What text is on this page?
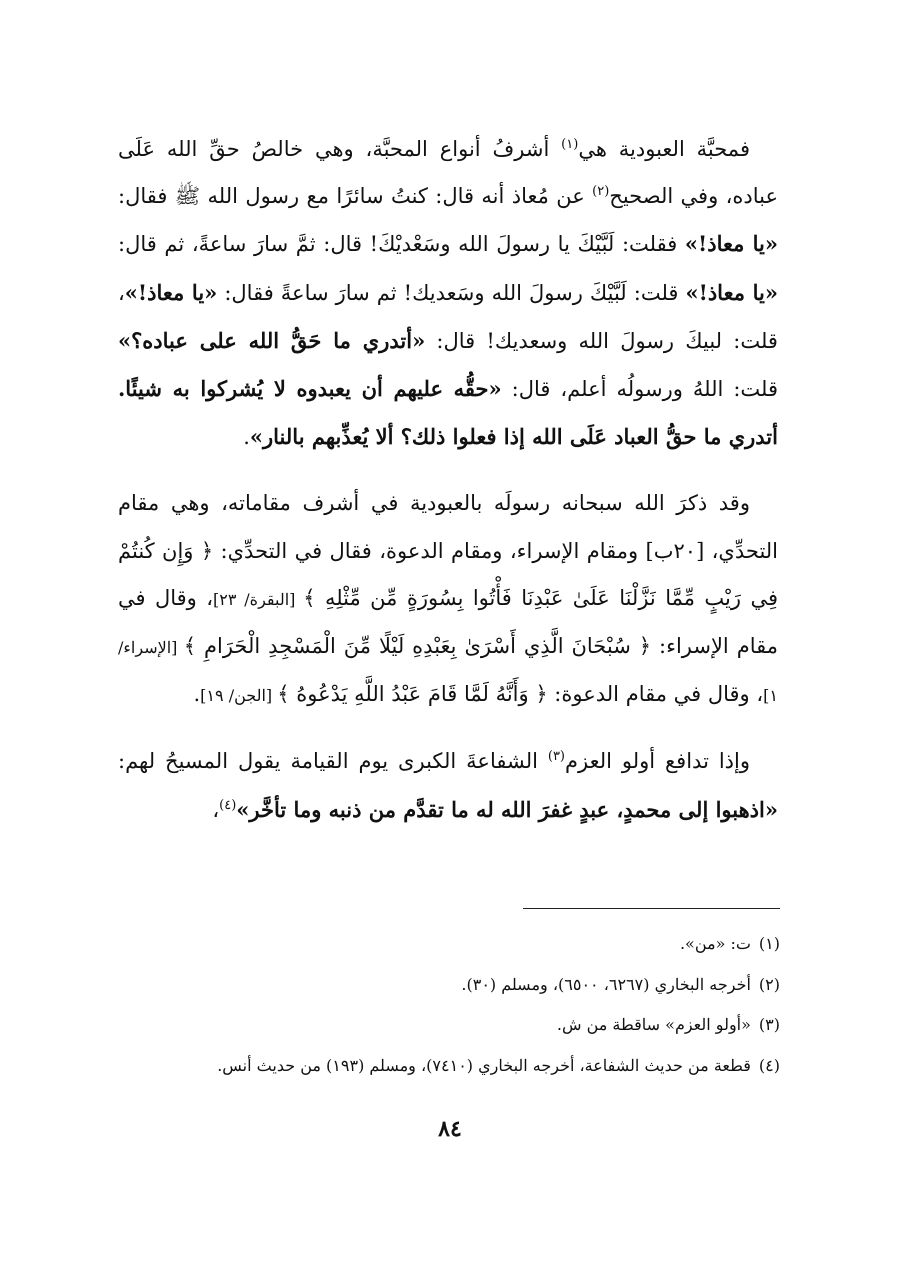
فمحبَّة العبودية هي$^{(١)}$ أشرفُ أنواع المحبَّة، وهي خالصُ حقِّ الله عَلَى عباده، وفي الصحيح$^{(٢)}$ عن مُعاذ أنه قال: كنتُ سائرًا مع رسول الله ﷺ فقال: «يا معاذ!» فقلت: لَبَّيْكَ يا رسولَ الله وسَعْديْكَ! قال: ثمَّ سارَ ساعةً، ثم قال: «يا معاذ!» قلت: لَبَّيْكَ رسولَ الله وسَعديك! ثم سارَ ساعةً فقال: «يا معاذ!»، قلت: لبيكَ رسولَ الله وسعديك! قال: «أتدري ما حَقُّ الله على عباده؟» قلت: اللهُ ورسولُه أعلم، قال: «حقُّه عليهم أن يعبدوه لا يُشركوا به شيئًا. أتدري ما حقُّ العباد عَلَى الله إذا فعلوا ذلك؟ ألا يُعذِّبهم بالنار».

وقد ذكرَ الله سبحانه رسولَه بالعبودية في أشرف مقاماته، وهي مقام التحدِّي، [٢٠ب] ومقام الإسراء، ومقام الدعوة، فقال في التحدِّي: ﴿ وَإِن كُنتُمْ فِي رَيْبٍ مِّمَّا نَزَّلْنَا عَلَىٰ عَبْدِنَا فَأْتُوا بِسُورَةٍ مِّن مِّثْلِهِ ﴾ [البقرة/ ٢٣]، وقال في مقام الإسراء: ﴿ سُبْحَانَ الَّذِي أَسْرَىٰ بِعَبْدِهِ لَيْلًا مِّنَ الْمَسْجِدِ الْحَرَامِ ﴾ [الإسراء/ ١]، وقال في مقام الدعوة: ﴿ وَأَنَّهُ لَمَّا قَامَ عَبْدُ اللَّهِ يَدْعُوهُ ﴾ [الجن/ ١٩].

وإذا تدافع أولو العزم$^{(٣)}$ الشفاعةَ الكبرى يوم القيامة يقول المسيحُ لهم: «اذهبوا إلى محمدٍ، عبدٍ غفرَ الله له ما تقدَّم من ذنبه وما تأخَّر»$^{(٤)}$،

(١)ت: «من».

(٢)أخرجه البخاري (٦٢٦٧، ٦٥٠٠)، ومسلم (٣٠).

(٣)«أولو العزم» ساقطة من ش.

(٤)قطعة من حديث الشفاعة، أخرجه البخاري (٧٤١٠)، ومسلم (١٩٣) من حديث أنس.

٨٤
